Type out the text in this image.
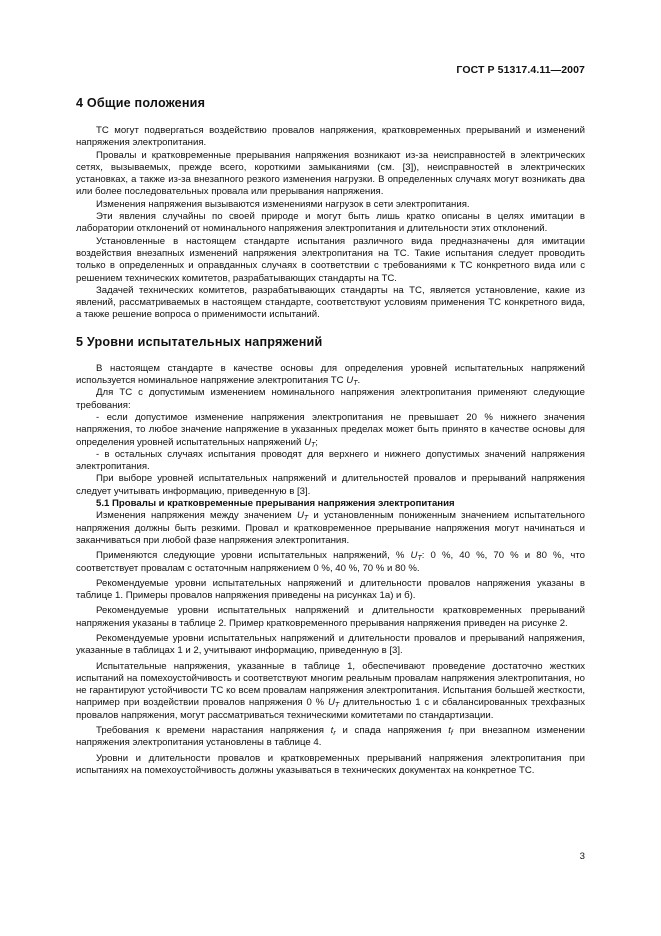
ГОСТ Р 51317.4.11—2007
4 Общие положения

ТС могут подвергаться воздействию провалов напряжения, кратковременных прерываний и изменений напряжения электропитания.

Провалы и кратковременные прерывания напряжения возникают из-за неисправностей в электрических сетях, вызываемых, прежде всего, короткими замыканиями (см. [3]), неисправностей в электрических установках, а также из-за внезапного резкого изменения нагрузки. В определенных случаях могут возникать два или более последовательных провала или прерывания напряжения.

Изменения напряжения вызываются изменениями нагрузок в сети электропитания.

Эти явления случайны по своей природе и могут быть лишь кратко описаны в целях имитации в лаборатории отклонений от номинального напряжения электропитания и длительности этих отклонений.

Установленные в настоящем стандарте испытания различного вида предназначены для имитации воздействия внезапных изменений напряжения электропитания на ТС. Такие испытания следует проводить только в определенных и оправданных случаях в соответствии с требованиями к ТС конкретного вида или с решением технических комитетов, разрабатывающих стандарты на ТС.

Задачей технических комитетов, разрабатывающих стандарты на ТС, является установление, какие из явлений, рассматриваемых в настоящем стандарте, соответствуют условиям применения ТС конкретного вида, а также решение вопроса о применимости испытаний.

5 Уровни испытательных напряжений

В настоящем стандарте в качестве основы для определения уровней испытательных напряжений используется номинальное напряжение электропитания ТС $U_T$.

Для ТС с допустимым изменением номинального напряжения электропитания применяют следующие требования:

- если допустимое изменение напряжения электропитания не превышает 20 % нижнего значения напряжения, то любое значение напряжение в указанных пределах может быть принято в качестве основы для определения уровней испытательных напряжений $U_T$;

- в остальных случаях испытания проводят для верхнего и нижнего допустимых значений напряжения электропитания.

При выборе уровней испытательных напряжений и длительностей провалов и прерываний напряжения следует учитывать информацию, приведенную в [3].

5.1 Провалы и кратковременные прерывания напряжения электропитания

Изменения напряжения между значением $U_T$ и установленным пониженным значением испытательного напряжения должны быть резкими. Провал и кратковременное прерывание напряжения могут начинаться и заканчиваться при любой фазе напряжения электропитания.

Применяются следующие уровни испытательных напряжений, % $U_T$: 0 %, 40 %, 70 % и 80 %, что соответствует провалам с остаточным напряжением 0 %, 40 %, 70 % и 80 %.

Рекомендуемые уровни испытательных напряжений и длительности провалов напряжения указаны в таблице 1. Примеры провалов напряжения приведены на рисунках 1а) и б).

Рекомендуемые уровни испытательных напряжений и длительности кратковременных прерываний напряжения указаны в таблице 2. Пример кратковременного прерывания напряжения приведен на рисунке 2.

Рекомендуемые уровни испытательных напряжений и длительности провалов и прерываний напряжения, указанные в таблицах 1 и 2, учитывают информацию, приведенную в [3].

Испытательные напряжения, указанные в таблице 1, обеспечивают проведение достаточно жестких испытаний на помехоустойчивость и соответствуют многим реальным провалам напряжения электропитания, но не гарантируют устойчивости ТС ко всем провалам напряжения электропитания. Испытания большей жесткости, например при воздействии провалов напряжения 0 % $U_T$ длительностью 1 с и сбалансированных трехфазных провалов напряжения, могут рассматриваться техническими комитетами по стандартизации.

Требования к времени нарастания напряжения $t_r$ и спада напряжения $t_f$ при внезапном изменении напряжения электропитания установлены в таблице 4.

Уровни и длительности провалов и кратковременных прерываний напряжения электропитания при испытаниях на помехоустойчивость должны указываться в технических документах на конкретное ТС.

3
